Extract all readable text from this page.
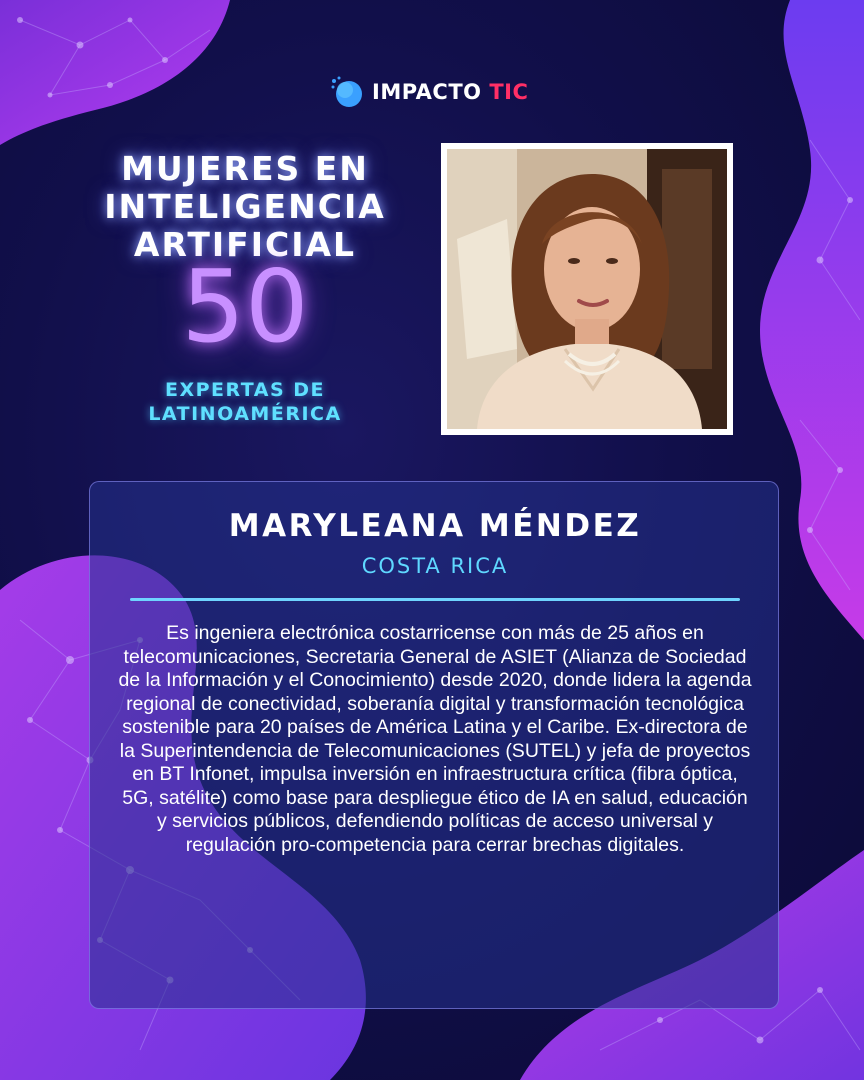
IMPACTO TIC
MUJERES EN
INTELIGENCIA
ARTIFICIAL
50
EXPERTAS DE
LATINOAMÉRICA
MARYLEANA MÉNDEZ
COSTA RICA
Es ingeniera electrónica costarricense con más de 25 años en telecomunicaciones, Secretaria General de ASIET (Alianza de Sociedad de la Información y el Conocimiento) desde 2020, donde lidera la agenda regional de conectividad, soberanía digital y transformación tecnológica sostenible para 20 países de América Latina y el Caribe. Ex-directora de la Superintendencia de Telecomunicaciones (SUTEL) y jefa de proyectos en BT Infonet, impulsa inversión en infraestructura crítica (fibra óptica, 5G, satélite) como base para despliegue ético de IA en salud, educación y servicios públicos, defendiendo políticas de acceso universal y regulación pro-competencia para cerrar brechas digitales.
